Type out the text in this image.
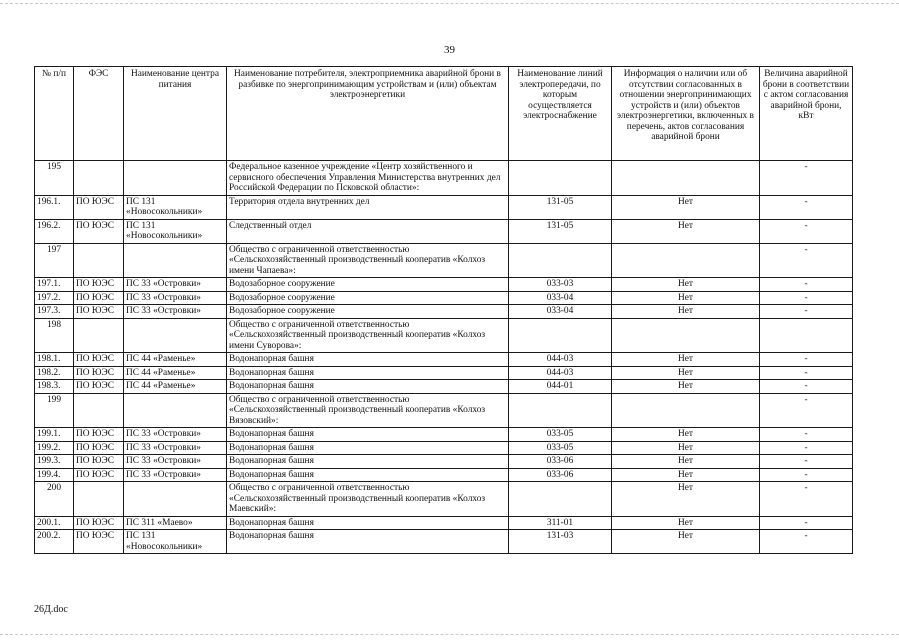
39
№ п/п	ФЭС	Наименование центра питания	Наименование потребителя, электроприемника аварийной брони в разбивке по энергопринимающим устройствам и (или) объектам электроэнергетики	Наименование линий электропередачи, по которым осуществляется электроснабжение	Информация о наличии или об отсутствии согласованных в отношении энергопринимающих устройств и (или) объектов электроэнергетики, включенных в перечень, актов согласования аварийной брони	Величина аварийной брони в соответствии с актом согласования аварийной брони, кВт
195			Федеральное казенное учреждение «Центр хозяйственного и сервисного обеспечения Управления Министерства внутренних дел Российской Федерации по Псковской области»:			-
196.1.	ПО ЮЭС	ПС 131 «Новосокольники»	Территория отдела внутренних дел	131-05	Нет	-
196.2.	ПО ЮЭС	ПС 131 «Новосокольники»	Следственный отдел	131-05	Нет	-
197			Общество с ограниченной ответственностью «Сельскохозяйственный производственный кооператив «Колхоз имени Чапаева»:			-
197.1.	ПО ЮЭС	ПС 33 «Островки»	Водозаборное сооружение	033-03	Нет	-
197.2.	ПО ЮЭС	ПС 33 «Островки»	Водозаборное сооружение	033-04	Нет	-
197.3.	ПО ЮЭС	ПС 33 «Островки»	Водозаборное сооружение	033-04	Нет	-
198			Общество с ограниченной ответственностью «Сельскохозяйственный производственный кооператив «Колхоз имени Суворова»:			
198.1.	ПО ЮЭС	ПС 44 «Раменье»	Водонапорная башня	044-03	Нет	-
198.2.	ПО ЮЭС	ПС 44 «Раменье»	Водонапорная башня	044-03	Нет	-
198.3.	ПО ЮЭС	ПС 44 «Раменье»	Водонапорная башня	044-01	Нет	-
199			Общество с ограниченной ответственностью «Сельскохозяйственный производственный кооператив «Колхоз Вязовский»:			-
199.1.	ПО ЮЭС	ПС 33 «Островки»	Водонапорная башня	033-05	Нет	-
199.2.	ПО ЮЭС	ПС 33 «Островки»	Водонапорная башня	033-05	Нет	-
199.3.	ПО ЮЭС	ПС 33 «Островки»	Водонапорная башня	033-06	Нет	-
199.4.	ПО ЮЭС	ПС 33 «Островки»	Водонапорная башня	033-06	Нет	-
200			Общество с ограниченной ответственностью «Сельскохозяйственный производственный кооператив «Колхоз Маевский»:		Нет	-
200.1.	ПО ЮЭС	ПС 311 «Маево»	Водонапорная башня	311-01	Нет	-
200.2.	ПО ЮЭС	ПС 131 «Новосокольники»	Водонапорная башня	131-03	Нет	-
26Д.doc
